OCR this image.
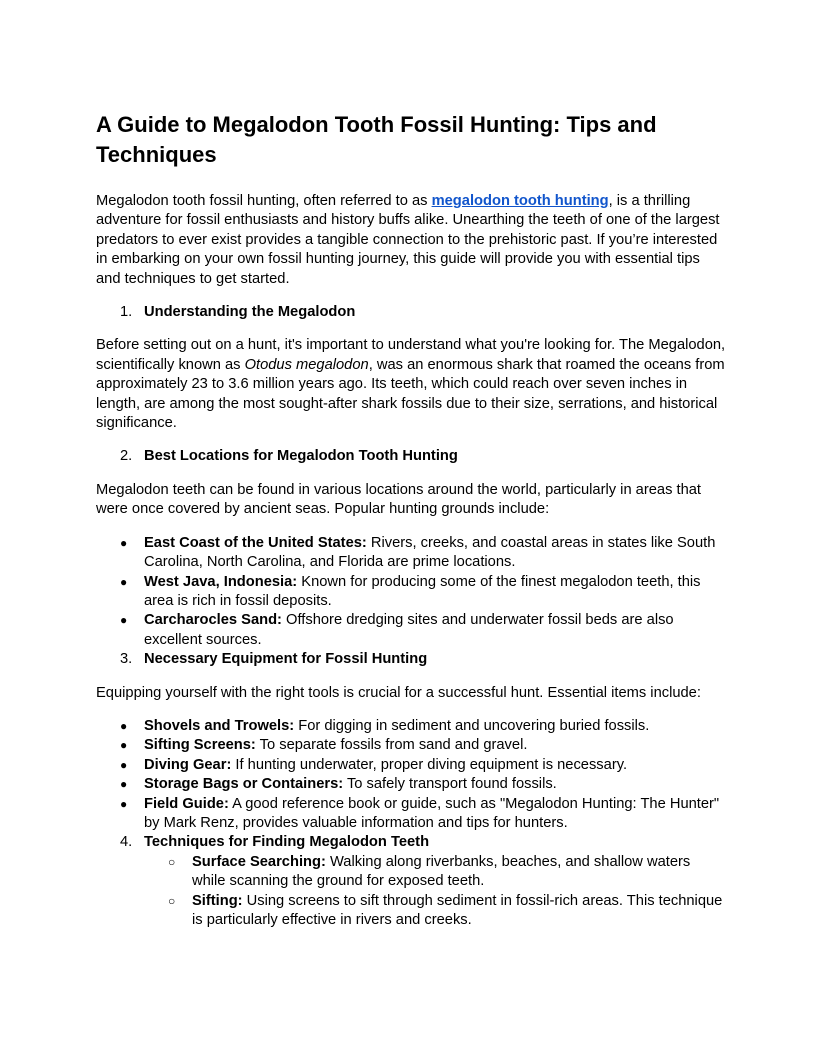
A Guide to Megalodon Tooth Fossil Hunting: Tips and Techniques

Megalodon tooth fossil hunting, often referred to as megalodon tooth hunting, is a thrilling adventure for fossil enthusiasts and history buffs alike. Unearthing the teeth of one of the largest predators to ever exist provides a tangible connection to the prehistoric past. If you’re interested in embarking on your own fossil hunting journey, this guide will provide you with essential tips and techniques to get started.

1. Understanding the Megalodon

Before setting out on a hunt, it's important to understand what you're looking for. The Megalodon, scientifically known as Otodus megalodon, was an enormous shark that roamed the oceans from approximately 23 to 3.6 million years ago. Its teeth, which could reach over seven inches in length, are among the most sought-after shark fossils due to their size, serrations, and historical significance.

2. Best Locations for Megalodon Tooth Hunting

Megalodon teeth can be found in various locations around the world, particularly in areas that were once covered by ancient seas. Popular hunting grounds include:

● East Coast of the United States: Rivers, creeks, and coastal areas in states like South Carolina, North Carolina, and Florida are prime locations.
● West Java, Indonesia: Known for producing some of the finest megalodon teeth, this area is rich in fossil deposits.
● Carcharocles Sand: Offshore dredging sites and underwater fossil beds are also excellent sources.
3. Necessary Equipment for Fossil Hunting

Equipping yourself with the right tools is crucial for a successful hunt. Essential items include:

● Shovels and Trowels: For digging in sediment and uncovering buried fossils.
● Sifting Screens: To separate fossils from sand and gravel.
● Diving Gear: If hunting underwater, proper diving equipment is necessary.
● Storage Bags or Containers: To safely transport found fossils.
● Field Guide: A good reference book or guide, such as "Megalodon Hunting: The Hunter" by Mark Renz, provides valuable information and tips for hunters.
4. Techniques for Finding Megalodon Teeth
○ Surface Searching: Walking along riverbanks, beaches, and shallow waters while scanning the ground for exposed teeth.
○ Sifting: Using screens to sift through sediment in fossil-rich areas. This technique is particularly effective in rivers and creeks.
